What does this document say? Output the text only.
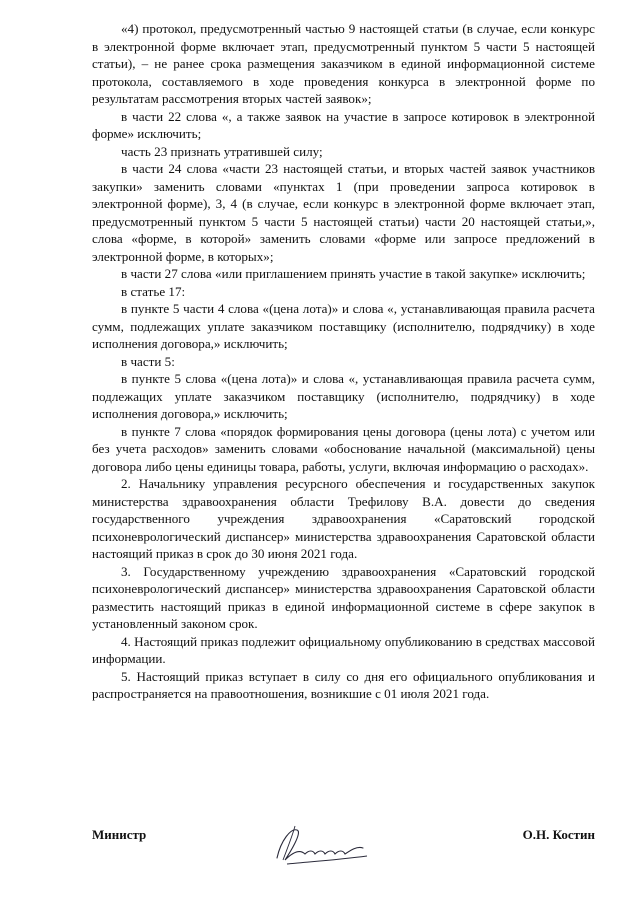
«4) протокол, предусмотренный частью 9 настоящей статьи (в случае, если конкурс в электронной форме включает этап, предусмотренный пунктом 5 части 5 настоящей статьи), – не ранее срока размещения заказчиком в единой информационной системе протокола, составляемого в ходе проведения конкурса в электронной форме по результатам рассмотрения вторых частей заявок»;

в части 22 слова «, а также заявок на участие в запросе котировок в электронной форме» исключить;

часть 23 признать утратившей силу;

в части 24 слова «части 23 настоящей статьи, и вторых частей заявок участников закупки» заменить словами «пунктах 1 (при проведении запроса котировок в электронной форме), 3, 4 (в случае, если конкурс в электронной форме включает этап, предусмотренный пунктом 5 части 5 настоящей статьи) части 20 настоящей статьи,», слова «форме, в которой» заменить словами «форме или запросе предложений в электронной форме, в которых»;

в части 27 слова «или приглашением принять участие в такой закупке» исключить;

в статье 17:

в пункте 5 части 4 слова «(цена лота)» и слова «, устанавливающая правила расчета сумм, подлежащих уплате заказчиком поставщику (исполнителю, подрядчику) в ходе исполнения договора,» исключить;

в части 5:

в пункте 5 слова «(цена лота)» и слова «, устанавливающая правила расчета сумм, подлежащих уплате заказчиком поставщику (исполнителю, подрядчику) в ходе исполнения договора,» исключить;

в пункте 7 слова «порядок формирования цены договора (цены лота) с учетом или без учета расходов» заменить словами «обоснование начальной (максимальной) цены договора либо цены единицы товара, работы, услуги, включая информацию о расходах».

2. Начальнику управления ресурсного обеспечения и государственных закупок министерства здравоохранения области Трефилову В.А. довести до сведения государственного учреждения здравоохранения «Саратовский городской психоневрологический диспансер» министерства здравоохранения Саратовской области настоящий приказ в срок до 30 июня 2021 года.

3. Государственному учреждению здравоохранения «Саратовский городской психоневрологический диспансер» министерства здравоохранения Саратовской области разместить настоящий приказ в единой информационной системе в сфере закупок в установленный законом срок.

4. Настоящий приказ подлежит официальному опубликованию в средствах массовой информации.

5. Настоящий приказ вступает в силу со дня его официального опубликования и распространяется на правоотношения, возникшие с 01 июля 2021 года.

Министр	О.Н. Костин
